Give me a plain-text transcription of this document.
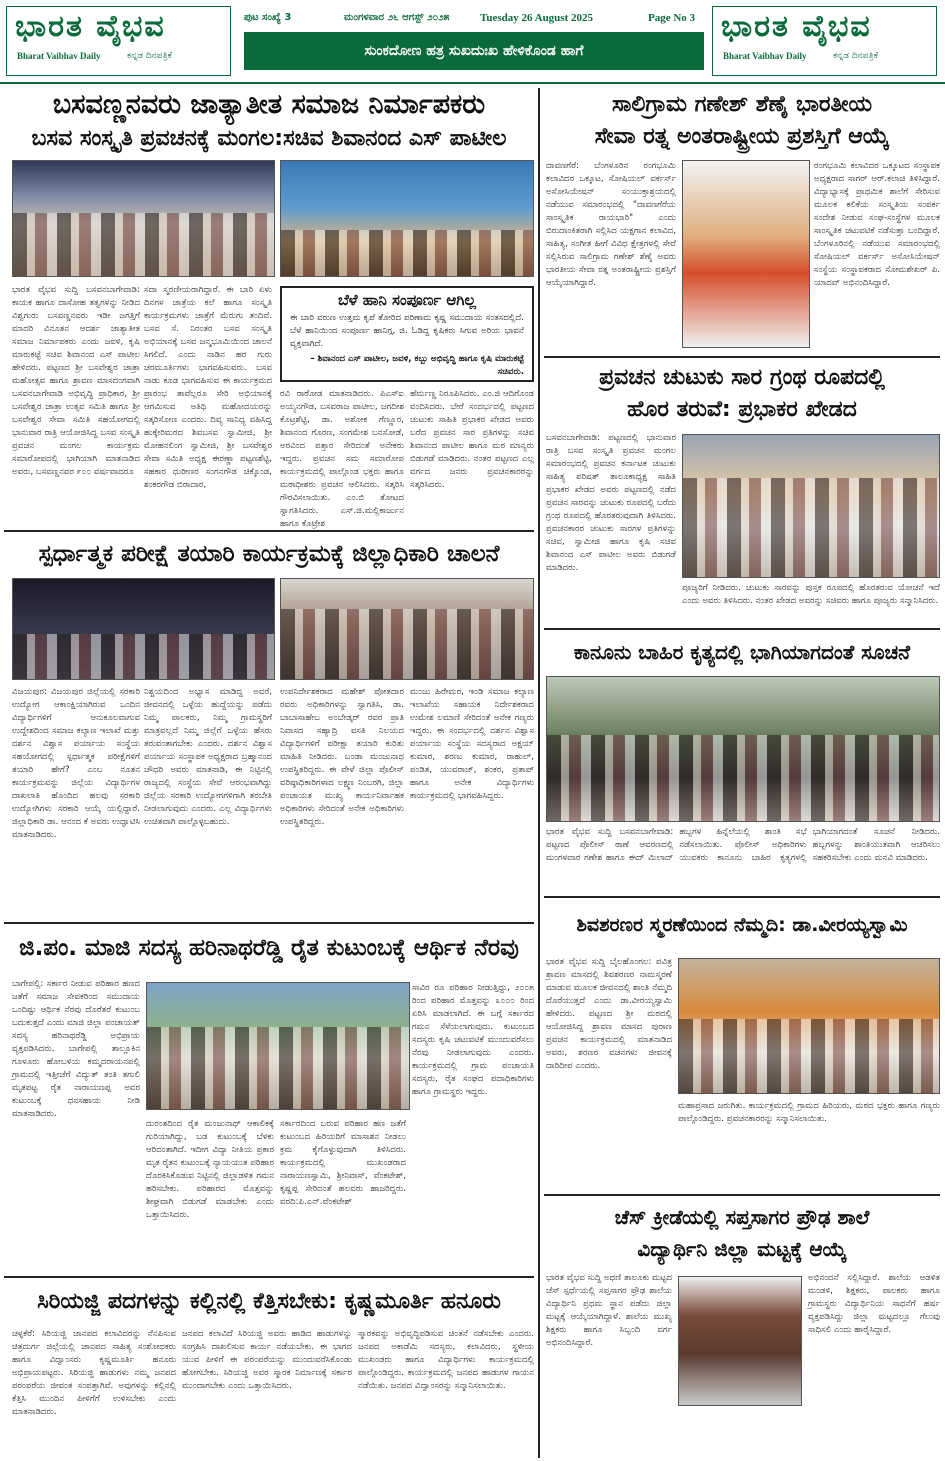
ಭಾರತ ವೈಭವ
Bharat Vaibhav Daily	ಕನ್ನಡ ದಿನಪತ್ರಿಕೆ
ಪುಟ ಸಂಖ್ಯೆ 3	ಮಂಗಳವಾರ ೨೬ ಆಗಸ್ಟ್ ೨೦೨೫	Tuesday 26 August 2025	Page No 3
ಸುಂಕದೋಣ ಹತ್ರ ಸುಖದುಃಖ ಹೇಳಿಕೊಂಡ ಹಾಗೆ
ಭಾರತ ವೈಭವ
Bharat Vaibhav Daily	ಕನ್ನಡ ದಿನಪತ್ರಿಕೆ
ಬಸವಣ್ಣನವರು ಜಾತ್ಯಾತೀತ ಸಮಾಜ ನಿರ್ಮಾಪಕರು
ಬಸವ ಸಂಸ್ಕೃತಿ ಪ್ರವಚನಕ್ಕೆ ಮಂಗಲ:ಸಚಿವ ಶಿವಾನಂದ ಎಸ್ ಪಾಟೀಲ
ಭಾರತ ವೈಭವ ಸುದ್ದಿ ಬಸವನಬಾಗೇವಾಡಿ: ಕಾಯಕ ಹಾಗೂ ದಾಸೋಹ ತತ್ವಗಳನ್ನು ನೀಡಿದ ವಿಶ್ವಗುರು ಬಸವಣ್ಣನವರು ಇಡೀ ಜಗತ್ತಿಗೆ ಮಾದರಿ ವಿನೂತನ ಆದರ್ಶ ಜಾತ್ಯಾತೀತ ಸಮಾಜ ನಿರ್ಮಾಪಕರು ಎಂದು ಜವಳಿ, ಕೃಷಿ ಮಾರುಕಟ್ಟೆ ಸಚಿವ ಶಿವಾನಂದ ಎಸ್ ಪಾಟೀಲ ಹೇಳಿದರು. ಪಟ್ಟಣದ ಶ್ರೀ ಬಸವೇಶ್ವರ ಜಾತ್ರಾ ಮಹೋತ್ಸವ ಹಾಗೂ ಶ್ರಾವಣ ಮಾಸದಂಗವಾಗಿ ಬಸವನಬಾಗೇವಾಡಿ ಅಭಿವೃದ್ಧಿ ಪ್ರಾಧಿಕಾರ, ಶ್ರೀ ಬಸವೇಶ್ವರ ಜಾತ್ರಾ ಉತ್ಸವ ಸಮಿತಿ ಹಾಗೂ ಶ್ರೀ ಬಸವೇಶ್ವರ ಸೇವಾ ಸಮಿತಿ ಸಹಯೋಗದಲ್ಲಿ ಭಾನುವಾರ ರಾತ್ರಿ ಆಯೋಜಿಸಿದ್ದ ಬಸವ ಸಂಸ್ಕೃತಿ ಪ್ರವಚನ ಮಂಗಲ ಕಾರ್ಯಕ್ರಮ ಸಮಾರೋಪದಲ್ಲಿ ಭಾಗಿಯಾಗಿ ಮಾತನಾಡಿದ ಅವರು, ಬಸವಣ್ಣನವರ ೯೦೦ ವರ್ಷವಾದರೂ
ಸದಾ ಸ್ಮರಣೀಯರಾಗಿದ್ದಾರೆ. ಈ ಬಾರಿ ಏಳು ದಿನಗಳ ಜಾತ್ರೆಯ ಕಲೆ ಹಾಗೂ ಸಂಸ್ಕೃತಿ ಕಾರ್ಯಕ್ರಮಗಳು ಜಾತ್ರೆಗೆ ಮೆರುಗು ತಂದಿವೆ. ಬಸವ ಸೆ. ನಿರಂತರ ಬಸವ ಸಂಸ್ಕೃತಿ ಅಭಿಯಾನಕ್ಕೆ ಬಸವ ಜನ್ಮಭೂಮಿಯಿಂದ ಚಾಲನೆ ಸಿಗಲಿದೆ. ಎಂದು ನಾಡಿನ ಹರ ಗುರು ಚರಮೂರ್ತಿಗಳು ಭಾಗವಹಿಸುವರು. ಬಸವ ನಾಡು ಕೂಡ ಭಾಗವಹಿಸುವ ಈ ಕಾರ್ಯಕ್ರಮದ ಪ್ರಾರಂಭ ತಾವೆಲ್ಲರೂ ಸೇರಿ ಅಭಿಯಾನಕ್ಕೆ ಆಗಮಿಸುವ ಅತಿಥಿ ಮಹೋದಯರನ್ನು ಸತ್ಕರಿಸೋಣ ಎಂದರು. ದಿವ್ಯ ಸಾನಿಧ್ಯ ವಹಿಸಿದ್ದ ಹುಕ್ಕೇರಿಮಠದ ಶಿವಬಸವ ಸ್ವಾಮೀಜಿ, ಶ್ರೀ ಮೋಹನಲಿಂಗ ಸ್ವಾಮೀಜಿ, ಶ್ರೀ ಬಸವೇಶ್ವರ ಸೇವಾ ಸಮಿತಿ ಅಧ್ಯಕ್ಷ ಈರಣ್ಣಾ ಪಟ್ಟಣಶೆಟ್ಟಿ, ಸಹಕಾರ ಧುರೀಣರ ಸಂಗನಗೌಡ ಚಿಕ್ಕೊಂಡ, ಶಂಕರಗೌಡ ಬಿರಾದಾರ,
ಬೆಳೆ ಹಾನಿ ಸಂಪೂರ್ಣ ಆಗಿಲ್ಲ
ಈ ಬಾರಿ ವರುಣ ಉತ್ತಮ ಕೃಪೆ ತೋರಿದ ಪರಿಣಾಮ ಕೃಷ್ಣ ಸಮುದಾಯ ಸಂತಸದಲ್ಲಿದೆ. ಬೆಳೆ ಹಾನಿಯಿಂದ ಸಂಪೂರ್ಣ ಹಾನಿಗ್ಗ, ಜಿ. ಓಡಿದ್ದ ಕೃಷಿಕರು ಸಿಗುವ ಅರಿಯ ಭಾವನೆ ವ್ಯಕ್ತವಾಗಿದೆ.
– ಶಿವಾನಂದ ಎಸ್ ಪಾಟೀಲ, ಜವಳಿ, ಕಬ್ಬು ಅಭಿವೃದ್ಧಿ ಹಾಗೂ ಕೃಷಿ ಮಾರುಕಟ್ಟೆ ಸಚಿವರು.
ರವಿ ರಾಠೋಡ ಮಾತನಾಡಿದರು. ಪಿಎಸ್‌ಐ ಅಯ್ಯನಗೌಡ, ಬಸವರಾಜ ಪಾಟೀಲ, ಜಗದೀಶ ಕೊಟ್ರಶೆಟ್ಟಿ, ಡಾ. ಅಶೋಕ ಗೆಣ್ಣೂರ, ಶಿವಾನಂದ ಗೊರಣ, ಸಂಗಮೇಶ ಬನಸೋಡೆ, ಅರವಿಂದ ಪತ್ತಾರ ಸೇರಿದಂತೆ ಅನೇಕರು ಇದ್ದರು. ಪ್ರವಚನ ಸಮ ಸಮಾರೋಪ ಕಾರ್ಯಕ್ರಮದಲ್ಲಿ ಪಾಲ್ಗೊಂಡ ಭಕ್ತರು ಹಾಗೂ ಮಠಾಧೀಶರು ಪ್ರವಚನ ಆಲಿಸಿದರು. ಸತ್ಕರಿಸಿ ಗೌರವಿಸಲಾಯಿತು. ಎಂ.ಬಿ ತೋಟದ ಸ್ವಾಗತಿಸಿದರು. ಎಸ್.ಜಿ.ಮಲ್ಲಿಕಾರ್ಜುನ ಹಾಗೂ ಕೊಟ್ರೇಶ
ಹೆರ್ಮಣ್ಣ ನಿರೂಪಿಸಿದರು. ಎಂ.ಜಿ ಆದಿಗೊಂಡ ವಂದಿಸಿದರು. ಬೇರೆ ಸಂದರ್ಭದಲ್ಲಿ ಪಟ್ಟಣದ ಚುಟುಕು ಸಾಹಿತಿ ಪ್ರಭಾಕರ ಖೇಡದ ಅವರು ಬರೆದ ಪ್ರವಚನ ಸಾರ ಪ್ರತಿಗಳನ್ನು ಸಚಿವ ಶಿವಾನಂದ ಪಾಟೀಲ ಹಾಗೂ ಮಠ ಮಾನ್ಯರು ಬಿಡುಗಡೆ ಮಾಡಿದರು. ನಂತರ ಪಟ್ಟಣದ ಎಲ್ಲ ವರ್ಗದ ಜನರು ಪ್ರವಚನಕಾರರನ್ನು ಸತ್ಕರಿಸಿದರು.
ಸ್ಪರ್ಧಾತ್ಮಕ ಪರೀಕ್ಷೆ ತಯಾರಿ ಕಾರ್ಯಕ್ರಮಕ್ಕೆ ಜಿಲ್ಲಾಧಿಕಾರಿ ಚಾಲನೆ
ವಿಜಯಪುರ: ವಿಜಯಪುರ ಜಿಲ್ಲೆಯಲ್ಲಿ ಸರಕಾರಿ ಉದ್ಯೋಗ ಆಕಾಂಕ್ಷಿಯಾಗಿರುವ ಒಂದಿನ ವಿದ್ಯಾರ್ಥಿಗಳಿಗೆ ಆನುಕೂಲವಾಗುವ ಉದ್ದೇಶದಿಂದ ಸಮಾಜ ಕಲ್ಯಾಣ ಇಲಾಖೆ ಮತ್ತು ದರ್ಶನ ವಿಶ್ವಾಸ ಪರ್ಯಾಯ ಸಂಸ್ಥೆಯ ಸಹಯೋಗದಲ್ಲಿ ಸ್ಪರ್ಧಾತ್ಮಕ ಪರೀಕ್ಷೆಗಳಿಗೆ ತಯಾರಿ ಹೇಗೆ? ಎಂಬ ನೂತನ ಕಾರ್ಯಕ್ರಮವನ್ನು ಜಿಲ್ಲೆಯ ವಿದ್ಯಾರ್ಥಿಗಳ ದಾಖಲಾತಿ ಹೊಂದಿದ ಹಲವು ಸರಕಾರಿ ಉದ್ಯೋಗಿಗಳು ಸರಕಾರಿ ಆಯ್ಕೆ ಯಲ್ಲಿದ್ದಾರೆ. ಜಿಲ್ಲಾಧಿಕಾರಿ ಡಾ. ಆನಂದ ಕೆ ಅವರು ಉದ್ಘಾಟಿಸಿ ಮಾತನಾಡಿದರು.
ನಿಶ್ಚಯದಿಂದ ಅಭ್ಯಾಸ ಮಾಡಿದ್ದ ಅವರೆ, ಜೀವನದಲ್ಲಿ ಒಳ್ಳೆಯ ಹುದ್ದೆಯನ್ನು ಪಡೆದು ನಿಮ್ಮ ಪಾಲಕರು, ನಿಮ್ಮ ಗ್ರಾಮಸ್ಥರಿಗೆ ಮಾತ್ರವಲ್ಲದೆ ನಿಮ್ಮ ಜಿಲ್ಲೆಗೆ ಒಳ್ಳೆಯ ಹೆಸರು ತರುವಂತಾಗಬೇಕು ಎಂದರು. ದರ್ಶನ ವಿಶ್ವಾಸ ಪರ್ಯಾಯ ಸಂಸ್ಥಾಪಕ ಅಧ್ಯಕ್ಷರಾದ ಬ್ರಹ್ಮಾನಂದ ಚೌಧರಿ ಅವರು ಮಾತನಾಡಿ, ಈ ನಿಟ್ಟಿನಲ್ಲಿ ರಾಜ್ಯದಲ್ಲಿ ಸಂಸ್ಥೆಯ ಸೇವೆ ಆರಂಭವಾಗಿದ್ದು ಜಿಲ್ಲೆಯ ಸರಕಾರಿ ಉದ್ಯೋಗಗಳಿಗಾಗಿ ತರಬೇತಿ ನೀಡಲಾಗುವುದು ಎಂದರು. ಎಲ್ಲ ವಿದ್ಯಾರ್ಥಿಗಳು ಉಚಿತವಾಗಿ ಪಾಲ್ಗೊಳ್ಳಬಹುದು.
ಉಪನಿರ್ದೇಶಕರಾದ ಮಹೇಶ್ ಪೋತದಾರ ರವರು ಅಧಿಕಾರಿಗಳನ್ನು ಸ್ವಾಗತಿಸಿ, ಡಾ. ಬಾಬಾಸಾಹೇಬ ಅಂಬೇಡ್ಕರ್ ರವರ ಪ್ರಾತಿ ನಿವಾಸದ ಸಹ್ಯಾದ್ರಿ ವಸತಿ ನಿಲಯದ ವಿದ್ಯಾರ್ಥಿಗಳಿಗೆ ಪರೀಕ್ಷಾ ತಯಾರಿ ಕುರಿತು ಮಾಹಿತಿ ನೀಡಿದರು. ಬಂಡಾ ಮಂಜುನಾಥ ಉಪಸ್ಥಿತರಿದ್ದರು. ಈ ವೇಳೆ ಜಿಲ್ಲಾ ಪೊಲೀಸ್ ವರಿಷ್ಠಾಧಿಕಾರಿಗಳಾದ ಲಕ್ಷ್ಮಣ ನಿಂಬರಗಿ, ಜಿಲ್ಲಾ ಪಂಚಾಯತ ಮುಖ್ಯ ಕಾರ್ಯನಿರ್ವಾಹಕ ಅಧಿಕಾರಿಗಳು ಸೇರಿದಂತೆ ಅನೇಕ ಅಧಿಕಾರಿಗಳು ಉಪಸ್ಥಿತರಿದ್ದರು.
ಮಂಜು ಹಿರೇಮಠ, ಇಂಡಿ ಸಮಾಜ ಕಲ್ಯಾಣ ಇಲಾಖೆಯ ಸಹಾಯಕ ನಿರ್ದೇಶಕರಾದ ಉಮೇಶ ಲಮಾಣಿ ಸೇರಿದಂತೆ ಅನೇಕ ಗಣ್ಯರು ಇದ್ದರು. ಈ ಸಂದರ್ಭದಲ್ಲಿ ದರ್ಶನ ವಿಶ್ವಾಸ ಪರ್ಯಾಯ ಸಂಸ್ಥೆಯ ಸದಸ್ಯರಾದ ಅಕ್ಷಯ್ ಕುಮಾರ, ಶರಣು ಕುಮಾರ, ರಾಹುಲ್, ಪಂಡಿತ, ಯುವರಾಜ್, ಶಂಕರ, ಪ್ರತಾಪ್ ಹಾಗೂ ಅನೇಕ ವಿದ್ಯಾರ್ಥಿಗಳು ಕಾರ್ಯಕ್ರಮದಲ್ಲಿ ಭಾಗವಹಿಸಿದ್ದರು.
ಜಿ.ಪಂ. ಮಾಜಿ ಸದಸ್ಯ ಹರಿನಾಥರೆಡ್ಡಿ ರೈತ ಕುಟುಂಬಕ್ಕೆ ಆರ್ಥಿಕ ನೆರವು
ಬಾಗೇಪಲ್ಲಿ: ಸರ್ಕಾರ ನೀಡುವ ಪರಿಹಾರ ಹಣದ ಜತೆಗೆ ಸಮಾಜ ಸೇವಕರಿಂದ ಸಮುದಾಯ ಒಂದಿಷ್ಟು ಆರ್ಥಿಕ ನೆರವು ದೊರೆತರೆ ಕುಟುಂಬ ಬದುಕುತ್ತದೆ ಎಂದು ಮಾಜಿ ಜಿಲ್ಲಾ ಪಂಚಾಯತ್ ಸದಸ್ಯ ಹರಿನಾಥರೆಡ್ಡಿ ಅಭಿಪ್ರಾಯ ವ್ಯಕ್ತಪಡಿಸಿದರು. ಬಾಗೇಪಲ್ಲಿ ತಾಲ್ಲೂಕಿನ ಗೂಳೂರು ಹೋಬಳಿಯ ಕಮ್ಮದರಾಯನಪಲ್ಲಿ ಗ್ರಾಮದಲ್ಲಿ ಇತ್ತೀಚೆಗೆ ವಿದ್ಯುತ್ ತಂತಿ ತಗುಲಿ ಮೃತಪಟ್ಟ ರೈತ ನಾರಾಯಣಪ್ಪ ಅವರ ಕುಟುಂಬಕ್ಕೆ ಧನಸಹಾಯ ನೀಡಿ ಮಾತನಾಡಿದರು.
ದುರಂತದಿಂದ ರೈತ ಮಂಜುನಾಥ್ ಆಕಾಲಿಕಕ್ಕೆ ಗುರಿಯಾಗಿದ್ದು, ಬಡ ಕುಟುಂಬಕ್ಕೆ ಬೆಳಕು ಆರಿದಂತಾಗಿದೆ. ಇದೀಗ ವಿದ್ಯಾ ನೀತಿಯ ಪ್ರಕಾರ ಮೃತ ರೈತನ ಕುಟುಂಬಕ್ಕೆ ನ್ಯಾಯಯುತ ಪರಿಹಾರ ದೊರಕಿಸಿಕೊಡುವ ನಿಟ್ಟಿನಲ್ಲಿ ಜಿಲ್ಲಾಡಳಿತ ಗಮನ ಹರಿಸಬೇಕು. ಪರಿಹಾರದ ಮೊತ್ತವನ್ನು ಶೀಘ್ರವಾಗಿ ಬಿಡುಗಡೆ ಮಾಡಬೇಕು ಎಂದು ಒತ್ತಾಯಿಸಿದರು.
ಸರ್ಕಾರದಿಂದ ಬರುವ ಪರಿಹಾರ ಹಣ ಜತೆಗೆ ಕುಟುಂಬದ ಹಿರಿಯರಿಗೆ ಮಾಸಾಶನ ನೀಡಲು ಕ್ರಮ ಕೈಗೊಳ್ಳುವುದಾಗಿ ತಿಳಿಸಿದರು. ಕಾರ್ಯಕ್ರಮದಲ್ಲಿ ಮುಖಂಡರಾದ ನಾರಾಯಣಸ್ವಾಮಿ, ಶ್ರೀನಿವಾಸ್, ವೆಂಕಟೇಶ್, ಕೃಷ್ಣಪ್ಪ ಸೇರಿದಂತೆ ಹಲವರು ಹಾಜರಿದ್ದರು. ವರದಿ:ಪಿ.ಎನ್.ವೆಂಕಟೇಶ್
ಸಾವಿರ ರೂ ಪರಿಹಾರ ನೀಡುತ್ತಿದ್ದು, ೨೦೦೫ ರಿಂದ ಪರಿಹಾರ ಮೊತ್ತವನ್ನು ೩೦೦೦ ರಿಂದ ಏರಿಸಿ ಮಾಡಲಾಗಿದೆ. ಈ ಬಗ್ಗೆ ಸರ್ಕಾರದ ಗಮನ ಸೆಳೆಯಲಾಗುವುದು. ಕುಟುಂಬದ ಸದಸ್ಯರು ಕೃಷಿ ಚಟುವಟಿಕೆ ಮುಂದುವರೆಸಲು ನೆರವು ನೀಡಲಾಗುವುದು ಎಂದರು. ಕಾರ್ಯಕ್ರಮದಲ್ಲಿ ಗ್ರಾಮ ಪಂಚಾಯತಿ ಸದಸ್ಯರು, ರೈತ ಸಂಘದ ಪದಾಧಿಕಾರಿಗಳು ಹಾಗೂ ಗ್ರಾಮಸ್ಥರು ಇದ್ದರು.
ಸಿರಿಯಜ್ಜಿ ಪದಗಳನ್ನು ಕಲ್ಲಿನಲ್ಲಿ ಕೆತ್ತಿಸಬೇಕು: ಕೃಷ್ಣಮೂರ್ತಿ ಹನೂರು
ಚಳ್ಳಕೆರೆ: ಸಿರಿಯಜ್ಜಿ ಜಾನಪದ ಕಲಾವಿದರನ್ನು ನೆನಪಿಸುವ ಚಿತ್ರದುರ್ಗ ಜಿಲ್ಲೆಯಲ್ಲಿ ಜಾನಪದ ಸಾಹಿತ್ಯ ಸಂಶೋಧಕರು ಹಾಗೂ ವಿದ್ವಾಂಸರು ಕೃಷ್ಣಮೂರ್ತಿ ಹನೂರು ಅಭಿಪ್ರಾಯಪಟ್ಟರು. ಸಿರಿಯಜ್ಜಿ ಹಾಡುಗಳು ನಮ್ಮ ಜನಪದ ಪರಂಪರೆಯ ಜೀವಂತ ಸಂಪತ್ತಾಗಿವೆ. ಅವುಗಳನ್ನು ಕಲ್ಲಿನಲ್ಲಿ ಕೆತ್ತಿಸಿ ಮುಂದಿನ ಪೀಳಿಗೆಗೆ ಉಳಿಸಬೇಕು ಎಂದು ಮಾತನಾಡಿದರು.
ಜನಪದ ಕಲಾವಿದೆ ಸಿರಿಯಜ್ಜಿ ಅವರು ಹಾಡಿದ ಹಾಡುಗಳನ್ನು ಸಂಗ್ರಹಿಸಿ ದಾಖಲಿಸುವ ಕಾರ್ಯ ನಡೆಯಬೇಕು. ಈ ಭಾಗದ ಯುವ ಪೀಳಿಗೆ ಈ ಪರಂಪರೆಯನ್ನು ಮುಂದುವರೆಸಿಕೊಂಡು ಹೋಗಬೇಕು. ಸಿರಿಯಜ್ಜಿ ಅವರ ಸ್ಮಾರಕ ನಿರ್ಮಾಣಕ್ಕೆ ಸರ್ಕಾರ ಮುಂದಾಗಬೇಕು ಎಂದು ಒತ್ತಾಯಿಸಿದರು.
ಸ್ಮಾರಕವನ್ನು ಅಭಿವೃದ್ಧಿಪಡಿಸುವ ಚಿಂತನೆ ನಡೆಸಬೇಕು ಎಂದರು. ಜನಪದ ಅಕಾಡೆಮಿ ಸದಸ್ಯರು, ಕಲಾವಿದರು, ಸ್ಥಳೀಯ ಮುಖಂಡರು ಹಾಗೂ ವಿದ್ಯಾರ್ಥಿಗಳು ಕಾರ್ಯಕ್ರಮದಲ್ಲಿ ಪಾಲ್ಗೊಂಡಿದ್ದರು. ಕಾರ್ಯಕ್ರಮದಲ್ಲಿ ಜನಪದ ಹಾಡುಗಳ ಗಾಯನ ನಡೆಯಿತು. ಜನಪದ ವಿದ್ವಾಂಸರನ್ನು ಸನ್ಮಾನಿಸಲಾಯಿತು.
ಸಾಲಿಗ್ರಾಮ ಗಣೇಶ್ ಶೆಣೈ ಭಾರತೀಯ
ಸೇವಾ ರತ್ನ ಅಂತರಾಷ್ಟ್ರೀಯ ಪ್ರಶಸ್ತಿಗೆ ಆಯ್ಕೆ
ದಾವಣಗೆರೆ: ಬೆಂಗಳೂರಿನ ರಂಗಭೂಮಿ ಕಲಾವಿದರ ಒಕ್ಕೂಟ, ಸೋಷಿಯಲ್ ವರ್ಕರ್ಸ್ ಅಸೋಸಿಯೇಷನ್ ಸಂಯುಕ್ತಾಶ್ರಯದಲ್ಲಿ ನಡೆಯುವ ಸಮಾರಂಭದಲ್ಲಿ "ದಾವಣಗೆರೆಯ ಸಾಂಸ್ಕೃತಿಕ ರಾಯಭಾರಿ" ಎಂದು ಬಿರುದಾಂಕಿತರಾಗಿ ಸಲ್ಲಿಸಿದ ಯಕ್ಷಗಾನ ಕಲಾವಿದ, ಸಾಹಿತ್ಯ, ಸಂಗೀತ ಹೀಗೆ ವಿವಿಧ ಕ್ಷೇತ್ರಗಳಲ್ಲಿ ಸೇವೆ ಸಲ್ಲಿಸಿರುವ ಸಾಲಿಗ್ರಾಮ ಗಣೇಶ್ ಶೆಣೈ ಅವರು ಭಾರತೀಯ ಸೇವಾ ರತ್ನ ಅಂತರಾಷ್ಟ್ರೀಯ ಪ್ರಶಸ್ತಿಗೆ ಆಯ್ಕೆಯಾಗಿದ್ದಾರೆ.
ರಂಗಭೂಮಿ ಕಲಾವಿದರ ಒಕ್ಕೂಟದ ಸಂಸ್ಥಾಪಕ ಅಧ್ಯಕ್ಷರಾದ ಸಾಗರ್ ಆರ್.ಕಲಾಚಿ ತಿಳಿಸಿದ್ದಾರೆ. ವಿದ್ಯಾಭ್ಯಾಸಕ್ಕೆ ಪ್ರಾಥಮಿಕ ಶಾಲೆಗೆ ಸೇರಿಸುವ ಮೂಲಕ ಕಲಿಕೆಯ ಸಂಸ್ಕೃತಿಯ ಸಂಪರ್ಕ ಸಂದೇಶ ನೀಡುವ ಸಂಘ-ಸಂಸ್ಥೆಗಳ ಮೂಲಕ ಸಾಂಸ್ಕೃತಿಕ ಚಟುವಟಿಕೆ ನಡೆಸುತ್ತಾ ಬಂದಿದ್ದಾರೆ. ಬೆಂಗಳೂರಿನಲ್ಲಿ ನಡೆಯುವ ಸಮಾರಂಭದಲ್ಲಿ ಸೋಷಿಯಲ್ ವರ್ಕರ್ಸ್ ಅಸೋಸಿಯೇಷನ್ ಸಂಸ್ಥೆಯ ಸಂಸ್ಥಾಪಕರಾದ ಸೋಮಶೇಖರ್ ಪಿ. ಯಾದವ್ ಅಭಿನಂದಿಸಿದ್ದಾರೆ.
ಪ್ರವಚನ ಚುಟುಕು ಸಾರ ಗ್ರಂಥ ರೂಪದಲ್ಲಿ
ಹೊರ ತರುವೆ: ಪ್ರಭಾಕರ ಖೇಡದ
ಬಸವನಬಾಗೇವಾಡಿ: ಪಟ್ಟಣದಲ್ಲಿ ಭಾನುವಾರ ರಾತ್ರಿ ಬಸವ ಸಂಸ್ಕೃತಿ ಪ್ರವಚನ ಮಂಗಲ ಸಮಾರಂಭದಲ್ಲಿ ಪ್ರವಚನ ಕರ್ನಾಟಕ ಚುಟುಕು ಸಾಹಿತ್ಯ ಪರಿಷತ್ ತಾಲೂಕಾಧ್ಯಕ್ಷ ಸಾಹಿತಿ ಪ್ರಭಾಕರ ಖೇಡದ ಅವರು ಪಟ್ಟಣದಲ್ಲಿ ನಡೆದ ಪ್ರವಚನ ಸಾರವನ್ನು ಚುಟುಕು ರೂಪದಲ್ಲಿ ಬರೆದು ಗ್ರಂಥ ರೂಪದಲ್ಲಿ ಹೊರತರುವುದಾಗಿ ತಿಳಿಸಿದರು. ಪ್ರವಚನಕಾರರ ಚುಟುಕು ಸಾರಗಳ ಪ್ರತಿಗಳನ್ನು ಸಚಿವ, ಸ್ವಾಮೀಜಿ ಹಾಗೂ ಕೃಷಿ ಸಚಿವ ಶಿವಾನಂದ ಎಸ್ ಪಾಟೀಲ ಅವರು ಬಿಡುಗಡೆ ಮಾಡಿದರು.
ಪೂಜ್ಯರಿಗೆ ನೀಡಿದರು. ಚುಟುಕು ಸಾರವನ್ನು ಪುಸ್ತಕ ರೂಪದಲ್ಲಿ ಹೊರತರುವ ಯೋಚನೆ ಇದೆ ಎಂದು ಅವರು ತಿಳಿಸಿದರು. ನಂತರ ಖೇಡದ ಅವರನ್ನು ಸಚಿವರು ಹಾಗೂ ಪೂಜ್ಯರು ಸನ್ಮಾನಿಸಿದರು.
ಕಾನೂನು ಬಾಹಿರ ಕೃತ್ಯದಲ್ಲಿ ಭಾಗಿಯಾಗದಂತೆ ಸೂಚನೆ
ಭಾರತ ವೈಭವ ಸುದ್ದಿ ಬಸವನಬಾಗೇವಾಡಿ: ಪಟ್ಟಣದ ಪೊಲೀಸ್ ಠಾಣೆ ಆವರಣದಲ್ಲಿ ಮಂಗಳವಾರ ಗಣೇಶ ಹಾಗೂ ಈದ್ ಮಿಲಾದ್ ಹಬ್ಬಗಳ ಹಿನ್ನೆಲೆಯಲ್ಲಿ ಶಾಂತಿ ಸಭೆ ನಡೆಸಲಾಯಿತು. ಪೊಲೀಸ್ ಅಧಿಕಾರಿಗಳು ಯುವಕರು ಕಾನೂನು ಬಾಹಿರ ಕೃತ್ಯಗಳಲ್ಲಿ ಭಾಗಿಯಾಗದಂತೆ ಸೂಚನೆ ನೀಡಿದರು. ಹಬ್ಬಗಳನ್ನು ಶಾಂತಿಯುತವಾಗಿ ಆಚರಿಸಲು ಸಹಕರಿಸಬೇಕು ಎಂದು ಮನವಿ ಮಾಡಿದರು.
ಶಿವಶರಣರ ಸ್ಮರಣೆಯಿಂದ ನೆಮ್ಮದಿ: ಡಾ.ವೀರಯ್ಯಸ್ವಾಮಿ
ಭಾರತ ವೈಭವ ಸುದ್ದಿ ಬೈಲಹೊಂಗಲ: ಪವಿತ್ರ ಶ್ರಾವಣ ಮಾಸದಲ್ಲಿ ಶಿವಶರಣರ ನಾಮಸ್ಮರಣೆ ಮಾಡುವ ಮೂಲಕ ಜೀವನದಲ್ಲಿ ಶಾಂತಿ ನೆಮ್ಮದಿ ದೊರೆಯುತ್ತದೆ ಎಂದು ಡಾ.ವೀರಯ್ಯಸ್ವಾಮಿ ಹೇಳಿದರು. ಪಟ್ಟಣದ ಶ್ರೀ ಮಠದಲ್ಲಿ ಆಯೋಜಿಸಿದ್ದ ಶ್ರಾವಣ ಮಾಸದ ಪುರಾಣ ಪ್ರವಚನ ಕಾರ್ಯಕ್ರಮದಲ್ಲಿ ಮಾತನಾಡಿದ ಅವರು, ಶರಣರ ವಚನಗಳು ಜೀವನಕ್ಕೆ ದಾರಿದೀಪ ಎಂದರು.
ಮಹಾಪ್ರಸಾದ ಜರುಗಿತು. ಕಾರ್ಯಕ್ರಮದಲ್ಲಿ ಗ್ರಾಮದ ಹಿರಿಯರು, ಮಠದ ಭಕ್ತರು ಹಾಗೂ ಗಣ್ಯರು ಪಾಲ್ಗೊಂಡಿದ್ದರು. ಪ್ರವಚನಕಾರರನ್ನು ಸನ್ಮಾನಿಸಲಾಯಿತು.
ಚೆಸ್ ಕ್ರೀಡೆಯಲ್ಲಿ ಸಪ್ತಸಾಗರ ಪ್ರೌಢ ಶಾಲೆ
ವಿದ್ಯಾರ್ಥಿನಿ ಜಿಲ್ಲಾ ಮಟ್ಟಕ್ಕೆ ಆಯ್ಕೆ
ಭಾರತ ವೈಭವ ಸುದ್ದಿ ಅಥಣಿ ತಾಲೂಕು ಮಟ್ಟದ ಚೆಸ್ ಸ್ಪರ್ಧೆಯಲ್ಲಿ ಸಪ್ತಸಾಗರ ಪ್ರೌಢ ಶಾಲೆಯ ವಿದ್ಯಾರ್ಥಿನಿ ಪ್ರಥಮ ಸ್ಥಾನ ಪಡೆದು ಜಿಲ್ಲಾ ಮಟ್ಟಕ್ಕೆ ಆಯ್ಕೆಯಾಗಿದ್ದಾಳೆ. ಶಾಲೆಯ ಮುಖ್ಯ ಶಿಕ್ಷಕರು ಹಾಗೂ ಸಿಬ್ಬಂದಿ ವರ್ಗ ಅಭಿನಂದಿಸಿದ್ದಾರೆ.
ಅಭಿನಂದನೆ ಸಲ್ಲಿಸಿದ್ದಾರೆ. ಶಾಲೆಯ ಆಡಳಿತ ಮಂಡಳಿ, ಶಿಕ್ಷಕರು, ಪಾಲಕರು ಹಾಗೂ ಗ್ರಾಮಸ್ಥರು ವಿದ್ಯಾರ್ಥಿನಿಯ ಸಾಧನೆಗೆ ಹರ್ಷ ವ್ಯಕ್ತಪಡಿಸಿದ್ದು ಜಿಲ್ಲಾ ಮಟ್ಟದಲ್ಲೂ ಗೆಲುವು ಸಾಧಿಸಲಿ ಎಂದು ಹಾರೈಸಿದ್ದಾರೆ.
